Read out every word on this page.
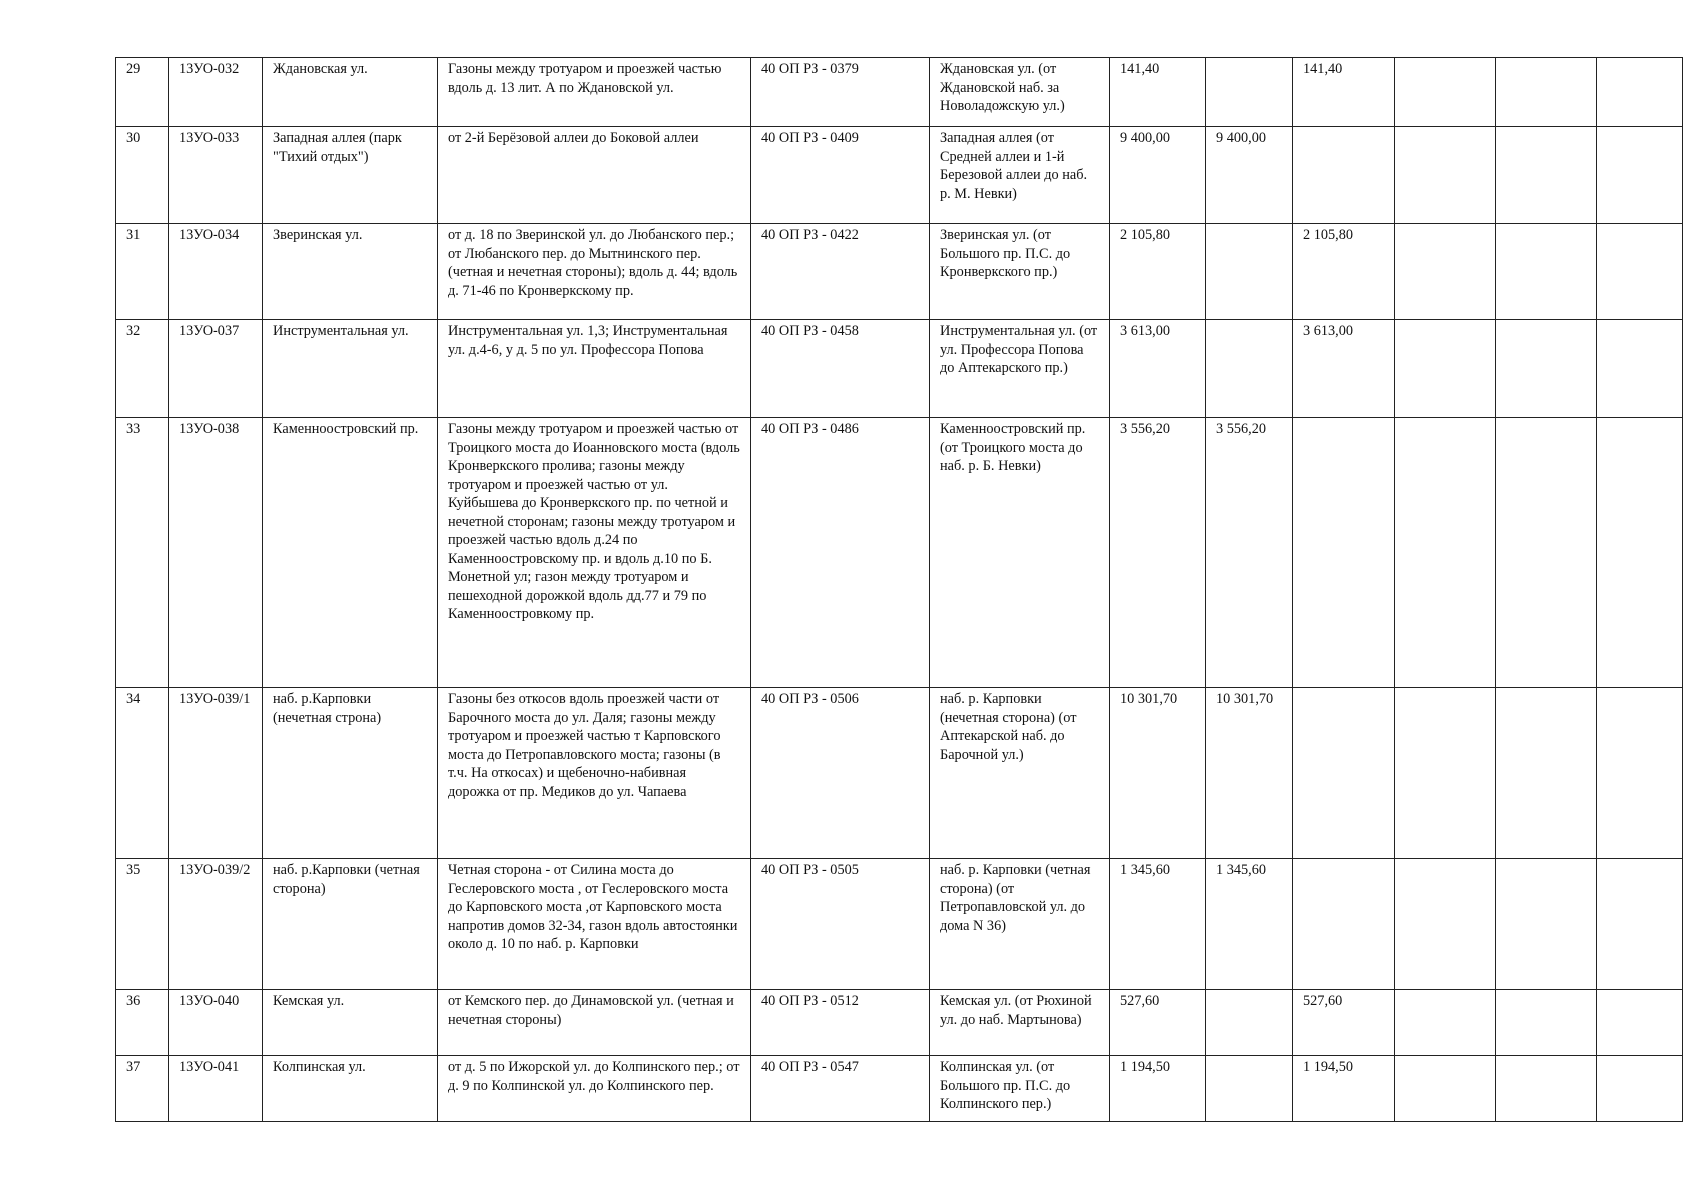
29	13УО-032	Ждановская ул.	Газоны между тротуаром и проезжей частью вдоль д. 13 лит. А по Ждановской ул.	40 ОП РЗ - 0379	Ждановская ул. (от Ждановской наб. за Новоладожскую ул.)	141,40		141,40			
30	13УО-033	Западная аллея (парк "Тихий отдых")	от 2-й Берёзовой аллеи до Боковой аллеи	40 ОП РЗ - 0409	Западная аллея (от Средней аллеи и 1-й Березовой аллеи до наб. р. М. Невки)	9 400,00	9 400,00				
31	13УО-034	Зверинская ул.	от д. 18 по Зверинской ул. до Любанского пер.; от Любанского пер. до Мытнинского пер. (четная и нечетная стороны); вдоль д. 44; вдоль д. 71-46 по Кронверкскому пр.	40 ОП РЗ - 0422	Зверинская ул. (от Большого пр. П.С. до Кронверкского пр.)	2 105,80		2 105,80			
32	13УО-037	Инструментальная ул.	Инструментальная ул. 1,3; Инструментальная ул. д.4-6, у д. 5 по ул. Профессора Попова	40 ОП РЗ - 0458	Инструментальная ул. (от ул. Профессора Попова до Аптекарского пр.)	3 613,00		3 613,00			
33	13УО-038	Каменноостровский пр.	Газоны между тротуаром и проезжей частью от Троицкого моста до Иоанновского моста (вдоль Кронверкского пролива; газоны между тротуаром и проезжей частью от ул. Куйбышева до Кронверкского пр. по четной и нечетной сторонам; газоны между тротуаром и проезжей частью вдоль д.24 по Каменноостровскому пр. и вдоль д.10 по Б. Монетной ул; газон между тротуаром и пешеходной дорожкой вдоль дд.77 и 79 по Каменноостровкому пр.	40 ОП РЗ - 0486	Каменноостровский пр. (от Троицкого моста до наб. р. Б. Невки)	3 556,20	3 556,20				
34	13УО-039/1	наб. р.Карповки (нечетная строна)	Газоны без откосов вдоль проезжей части от Барочного моста до ул. Даля; газоны между тротуаром и проезжей частью т Карповского моста до Петропавловского моста; газоны (в т.ч. На откосах) и щебеночно-набивная дорожка от пр. Медиков до ул. Чапаева	40 ОП РЗ - 0506	наб. р. Карповки (нечетная сторона) (от Аптекарской наб. до Барочной ул.)	10 301,70	10 301,70				
35	13УО-039/2	наб. р.Карповки (четная сторона)	Четная сторона - от Силина моста до Геслеровского моста , от Геслеровского моста до Карповского моста ,от Карповского моста напротив домов 32-34, газон вдоль автостоянки около д. 10 по наб. р. Карповки	40 ОП РЗ - 0505	наб. р. Карповки (четная сторона) (от Петропавловской ул. до дома N 36)	1 345,60	1 345,60				
36	13УО-040	Кемская ул.	от Кемского пер. до Динамовской ул. (четная и нечетная стороны)	40 ОП РЗ - 0512	Кемская ул. (от Рюхиной ул. до наб. Мартынова)	527,60		527,60			
37	13УО-041	Колпинская ул.	от д. 5 по Ижорской ул. до Колпинского пер.; от д. 9 по Колпинской ул. до Колпинского пер.	40 ОП РЗ - 0547	Колпинская ул. (от Большого пр. П.С. до Колпинского пер.)	1 194,50		1 194,50			
